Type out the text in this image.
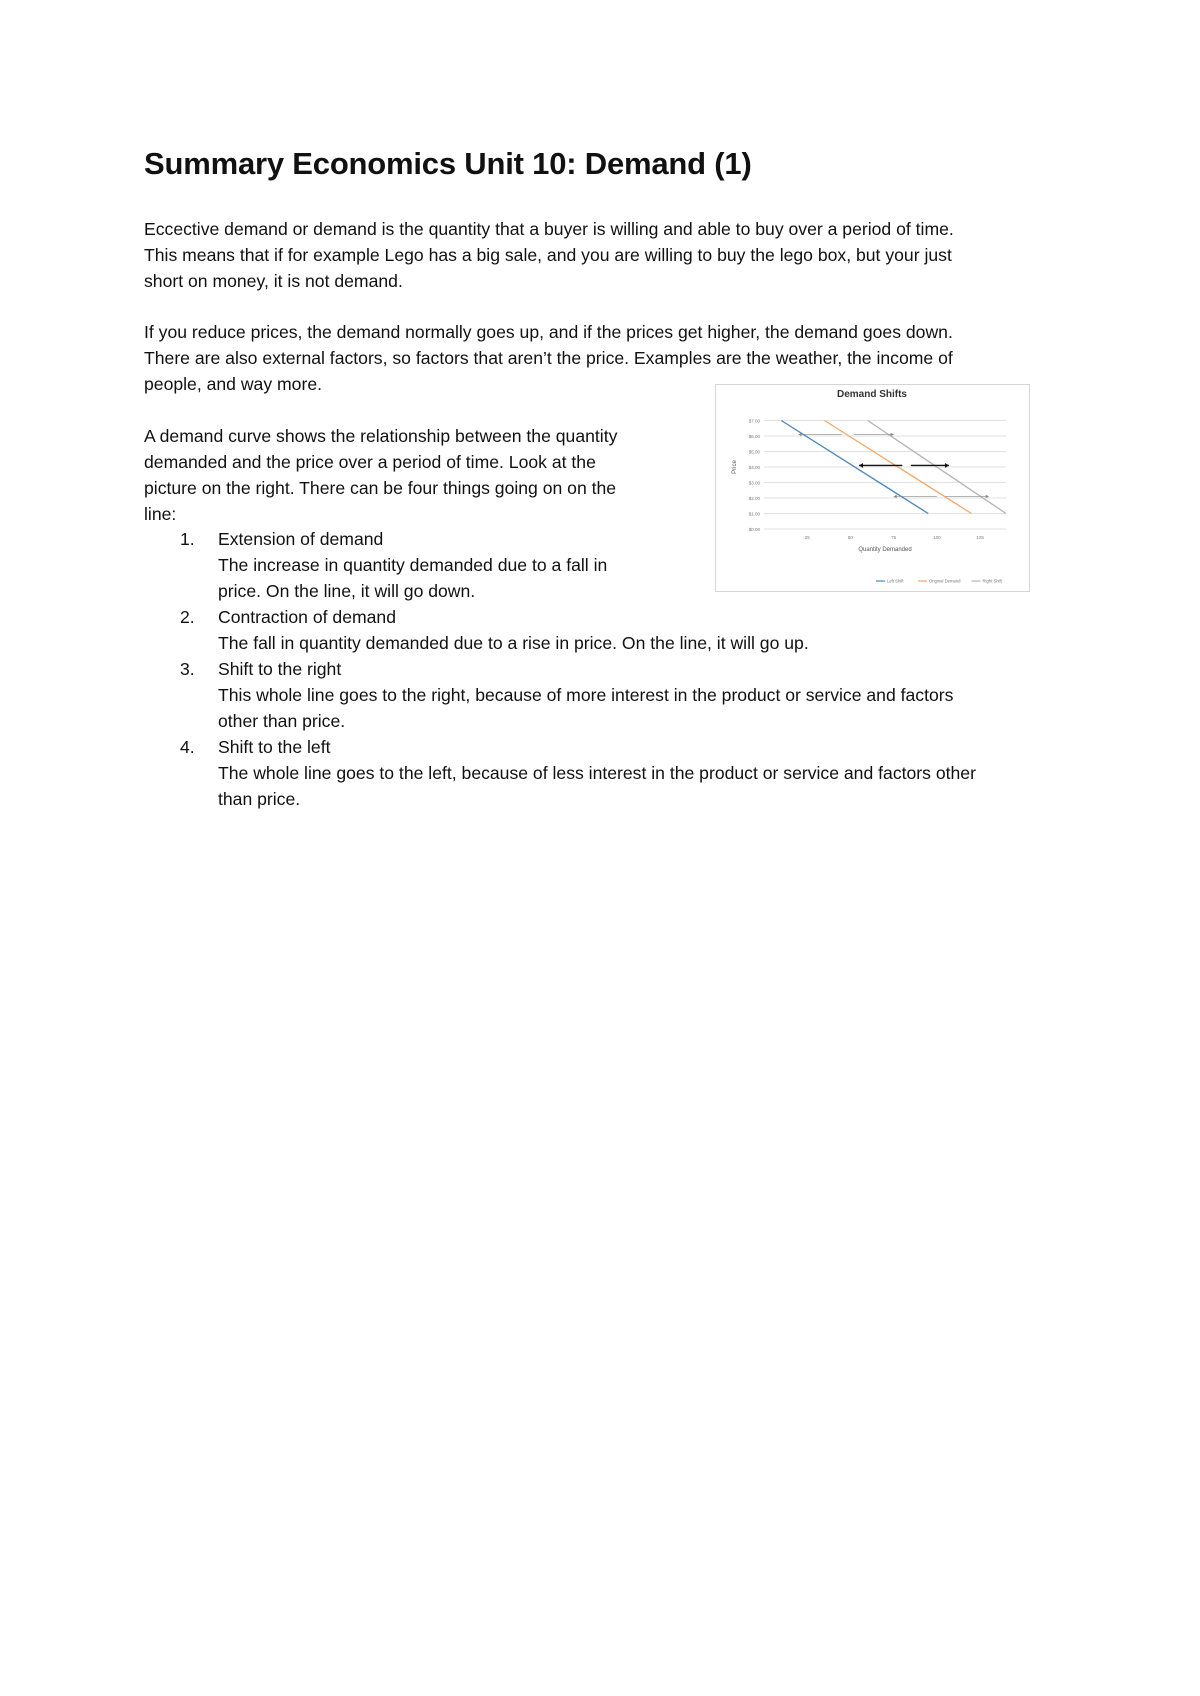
Summary Economics Unit 10: Demand (1)
Eccective demand or demand is the quantity that a buyer is willing and able to buy over a period of time.
This means that if for example Lego has a big sale, and you are willing to buy the lego box, but your just
short on money, it is not demand.
If you reduce prices, the demand normally goes up, and if the prices get higher, the demand goes down.
There are also external factors, so factors that aren’t the price. Examples are the weather, the income of
people, and way more.
A demand curve shows the relationship between the quantity
demanded and the price over a period of time. Look at the
picture on the right. There can be four things going on on the
line:
1. Extension of demand
The increase in quantity demanded due to a fall in
price. On the line, it will go down.
2. Contraction of demand
The fall in quantity demanded due to a rise in price. On the line, it will go up.
3. Shift to the right
This whole line goes to the right, because of more interest in the product or service and factors
other than price.
4. Shift to the left
The whole line goes to the left, because of less interest in the product or service and factors other
than price.
Demand Shifts
Price
Quantity Demanded
$0.00
$1.00
$2.00
$3.00
$4.00
$5.00
$6.00
$7.00
25	50	75	100	125
Left Shift	Original Demand	Right Shift
